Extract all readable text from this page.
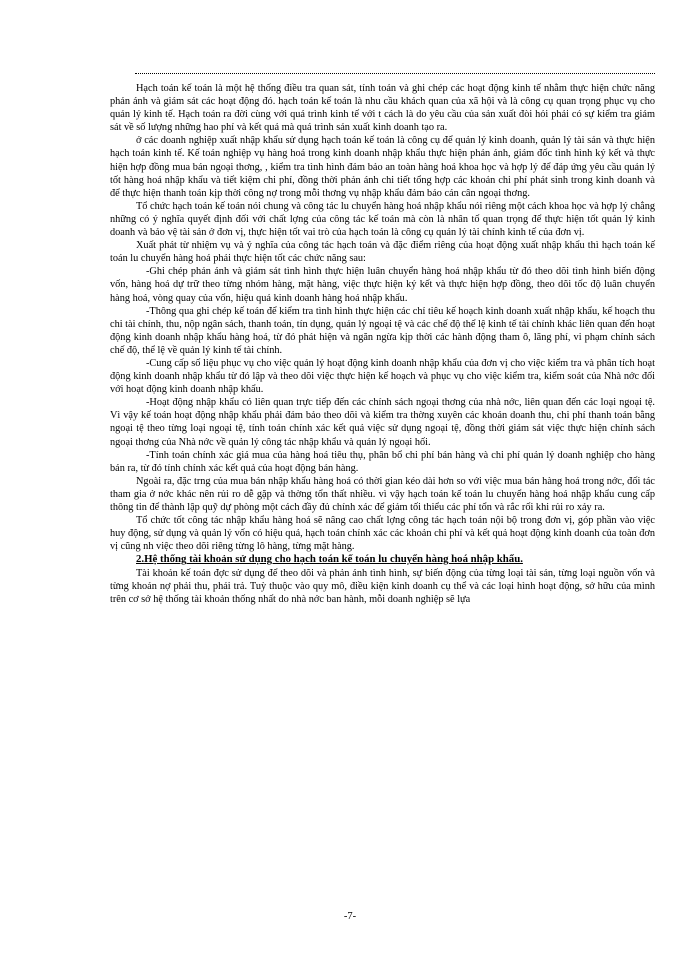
Hạch toán kế toán là một hệ thống điều tra quan sát, tính toán và ghi chép các hoạt động kinh tế nhằm thực hiện chức năng phản ánh và giám sát các hoạt động đó. hạch toán kế toán là nhu cầu khách quan của xã hội và là công cụ quan trọng phục vụ cho quản lý kinh tế. Hạch toán ra đời cùng với quá trình kinh tế với t cách là do yêu cầu của sản xuất đòi hỏi phải có sự kiểm tra giám sát về số lượng những hao phí và kết quả mà quá trình sản xuất kinh doanh tạo ra.

ở các doanh nghiệp xuất nhập khẩu sử dụng hạch toán kế toán là công cụ để quản lý kinh doanh, quản lý tài sản và thực hiện hạch toán kinh tế. Kế toán nghiệp vụ hàng hoá trong kinh doanh nhập khẩu thực hiện phản ánh, giám đốc tình hình ký kết và thực hiện hợp đồng mua bán ngoại thơng, , kiểm tra tình hình đảm bảo an toàn hàng hoá khoa học và hợp lý để đáp ứng yêu cầu quản lý tốt hàng hoá nhập khẩu và tiết kiệm chi phí, đồng thời phản ánh chi tiết tổng hợp các khoản chi phí phát sinh trong kinh doanh và để thực hiện thanh toán kịp thời công nợ trong mỗi thơng vụ nhập khẩu đảm bảo cán cân ngoại thơng.

Tổ chức hạch toán kế toán nói chung và công tác lu chuyển hàng hoá nhập khẩu nói riêng một cách khoa học và hợp lý chẳng những có ý nghĩa quyết định đối với chất lợng của công tác kế toán mà còn là nhân tố quan trọng để thực hiện tốt quản lý kinh doanh và bảo vệ tài sản ở đơn vị, thực hiện tốt vai trò của hạch toán là công cụ quản lý tài chính kinh tế của đơn vị.

Xuất phát từ nhiệm vụ và ý nghĩa của công tác hạch toán và đặc điểm riêng của hoạt động xuất nhập khẩu thì hạch toán kế toán lu chuyển hàng hoá phải thực hiện tốt các chức năng sau:

-Ghi chép phản ánh và giám sát tình hình thực hiện luân chuyển hàng hoá nhập khẩu từ đó theo dõi tình hình biến động vốn, hàng hoá dự trữ theo từng nhóm hàng, mặt hàng, việc thực hiện ký kết và thực hiện hợp đồng, theo dõi tốc độ luân chuyển hàng hoá, vòng quay của vốn, hiệu quả kinh doanh hàng hoá nhập khẩu.

-Thông qua ghi chép kế toán để kiểm tra tình hình thực hiện các chỉ tiêu kế hoạch kinh doanh xuất nhập khẩu, kế hoạch thu chi tài chính, thu, nộp ngân sách, thanh toán, tín dụng, quản lý ngoại tệ và các chế độ thể lệ kinh tế tài chính khác liên quan đến hoạt động kinh doanh nhập khẩu hàng hoá, từ đó phát hiện và ngăn ngừa kịp thời các hành động tham ô, lãng phí, vi phạm chính sách chế độ, thể lệ về quản lý kinh tế tài chính.

-Cung cấp số liệu phục vụ cho việc quản lý hoạt động kinh doanh nhập khẩu của đơn vị cho việc kiểm tra và phân tích hoạt động kinh doanh nhập khẩu từ đó lập và theo dõi việc thực hiện kế hoạch và phục vụ cho việc kiểm tra, kiểm soát của Nhà nớc đối với hoạt động kinh doanh nhập khẩu.

-Hoạt động nhập khẩu có liên quan trực tiếp đến các chính sách ngoại thơng của nhà nớc, liên quan đến các loại ngoại tệ. Vì vậy kế toán hoạt động nhập khẩu phải đảm bảo theo dõi và kiểm tra thờng xuyên các khoản doanh thu, chi phí thanh toán bằng ngoại tệ theo từng loại ngoại tệ, tính toán chính xác kết quả việc sử dụng ngoại tệ, đồng thời giám sát việc thực hiện chính sách ngoại thơng của Nhà nớc về quản lý công tác nhập khẩu và quản lý ngoại hối.

-Tính toán chính xác giá mua của hàng hoá tiêu thụ, phân bổ chi phí bán hàng và chi phí quản lý doanh nghiệp cho hàng bán ra, từ đó tính chính xác kết quả của hoạt động bán hàng.

Ngoài ra, đặc trng của mua bán nhập khẩu hàng hoá có thời gian kéo dài hơn so với việc mua bán hàng hoá trong nớc, đối tác tham gia ở nớc khác nên rủi ro dễ gặp và thờng tổn thất nhiều. vì vậy hạch toán kế toán lu chuyển hàng hoá nhập khẩu cung cấp thông tin để thành lập quỹ dự phòng một cách đầy đủ chính xác để giảm tối thiểu các phí tổn và rắc rối khi rủi ro xảy ra.

Tổ chức tốt công tác nhập khẩu hàng hoá sẽ nâng cao chất lợng công tác hạch toán nội bộ trong đơn vị, góp phần vào việc huy động, sử dụng và quản lý vốn có hiệu quả, hạch toán chính xác các khoản chi phí và kết quả hoạt động kinh doanh của toàn đơn vị cũng nh việc theo dõi riêng từng lô hàng, từng mặt hàng.

2.Hệ thống tài khoản sử dụng cho hạch toán kế toán lu chuyển hàng hoá nhập khẩu.

Tài khoản kế toán đợc sử dụng để theo dõi và phản ánh tình hình, sự biến động của từng loại tài sản, từng loại nguồn vốn và từng khoản nợ phải thu, phải trả. Tuỳ thuộc vào quy mô, điều kiện kinh doanh cụ thể và các loại hình hoạt động, sở hữu của mình trên cơ sở hệ thống tài khoản thống nhất do nhà nớc ban hành, mỗi doanh nghiệp sẽ lựa

-7-
